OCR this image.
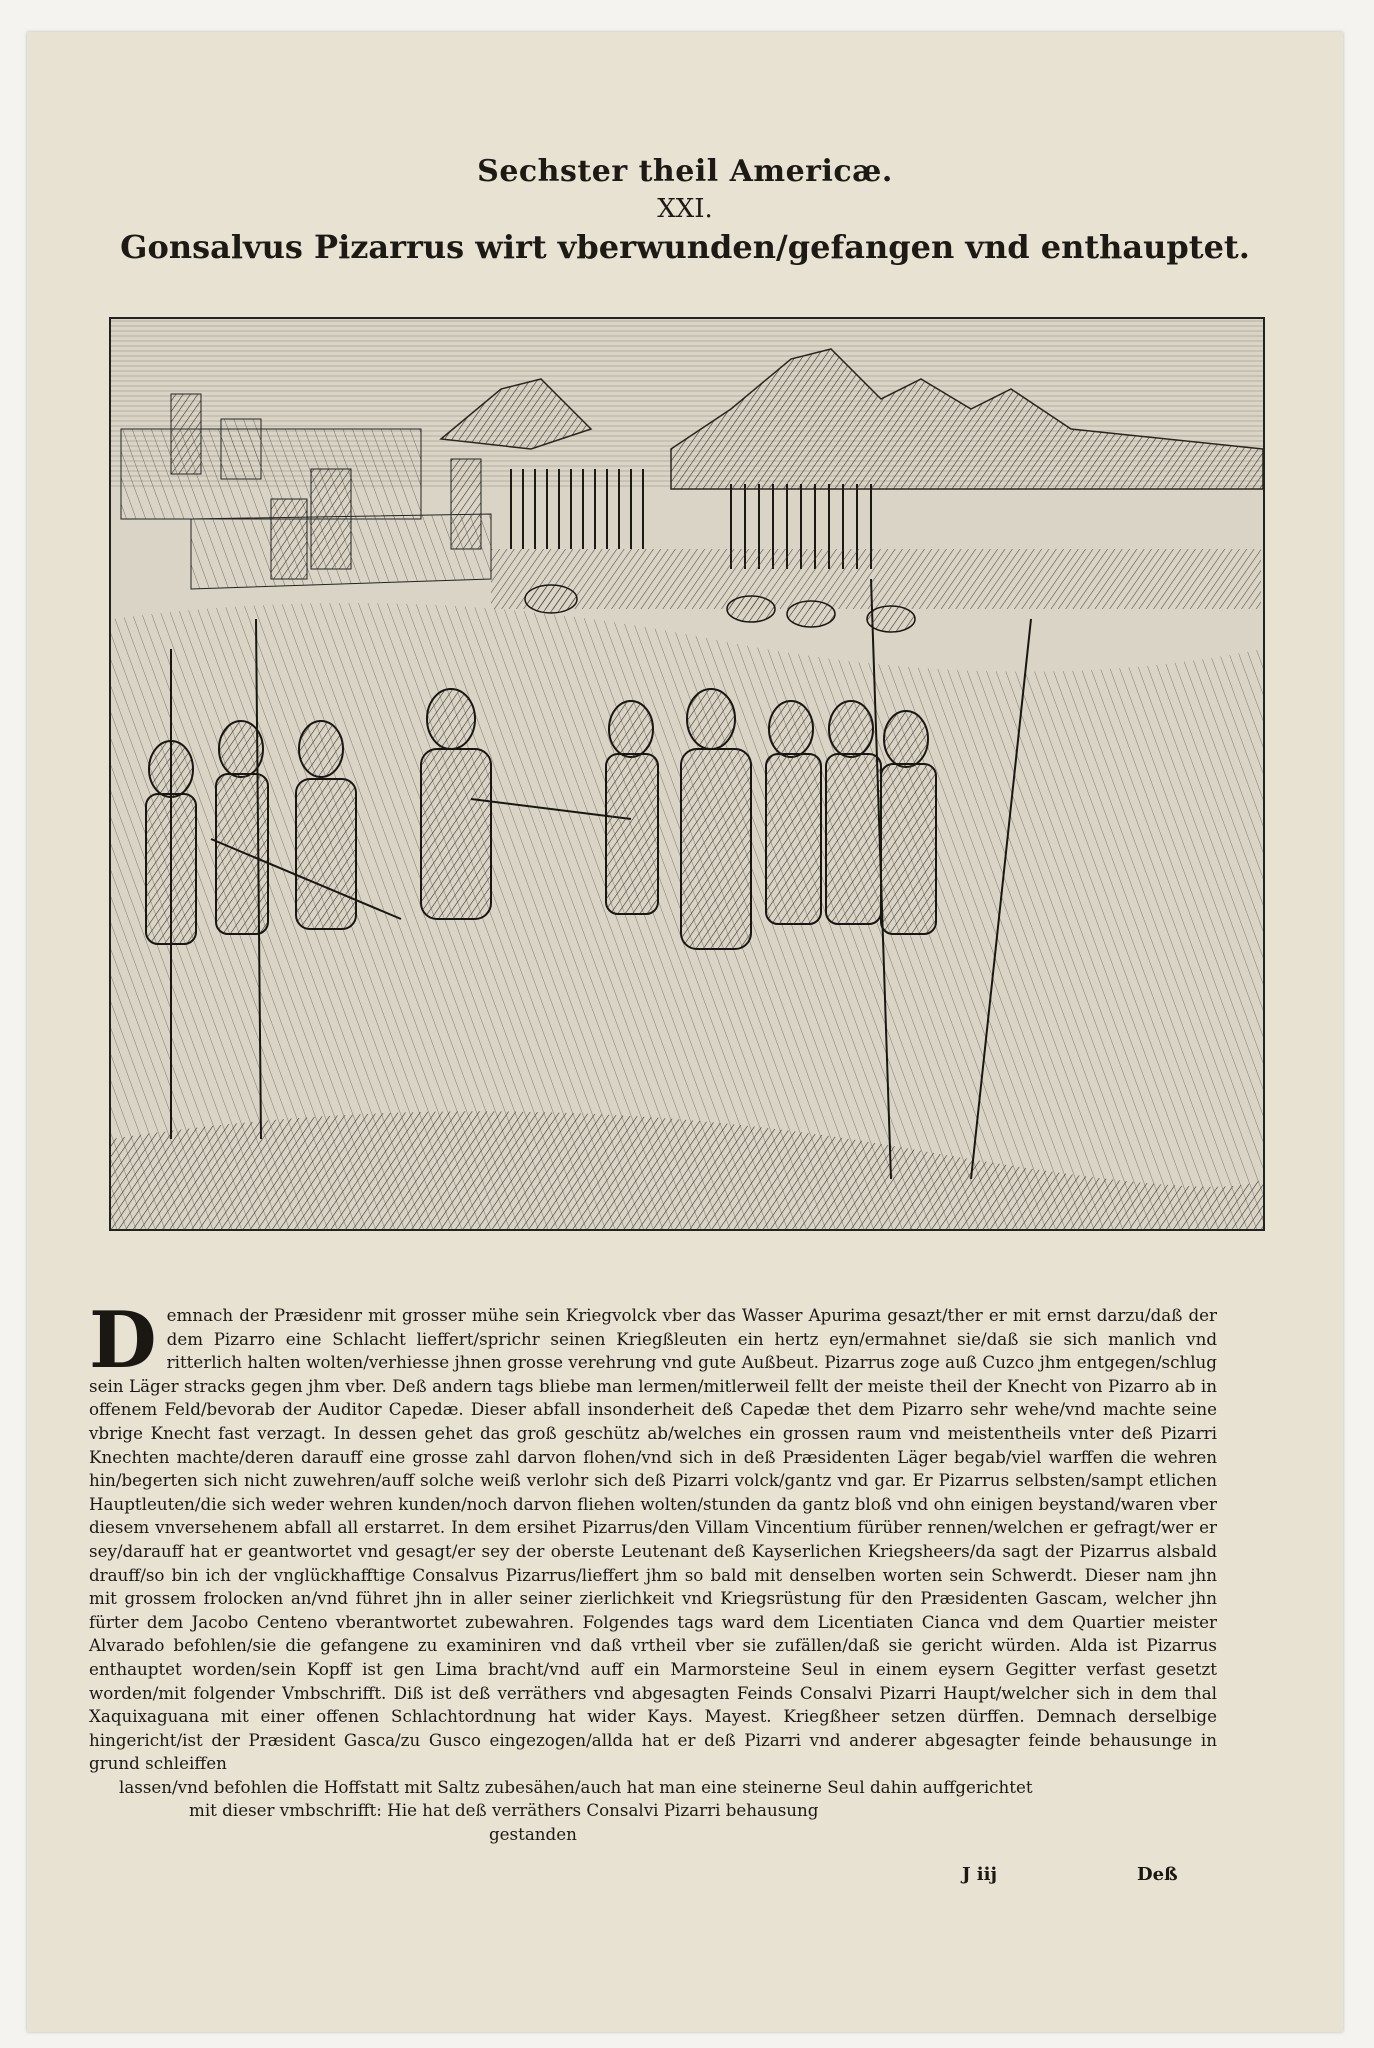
Sechster theil Americæ.
XXI.
Gonsalvus Pizarrus wirt vberwunden/gefangen vnd enthauptet.
Demnach der Præsidenr mit grosser mühe sein Kriegvolck vber das Wasser Apurima gesazt/ther er mit ernst darzu/daß der dem Pizarro eine Schlacht lieffert/sprichr seinen Kriegßleuten ein hertz eyn/ermahnet sie/daß sie sich manlich vnd ritterlich halten wolten/verhiesse jhnen grosse verehrung vnd gute Außbeut. Pizarrus zoge auß Cuzco jhm entgegen/schlug sein Läger stracks gegen jhm vber. Deß andern tags bliebe man lermen/mitlerweil fellt der meiste theil der Knecht von Pizarro ab in offenem Feld/bevorab der Auditor Capedæ. Dieser abfall insonderheit deß Capedæ thet dem Pizarro sehr wehe/vnd machte seine vbrige Knecht fast verzagt. In dessen gehet das groß geschütz ab/welches ein grossen raum vnd meistentheils vnter deß Pizarri Knechten machte/deren darauff eine grosse zahl darvon flohen/vnd sich in deß Præsidenten Läger begab/viel warffen die wehren hin/begerten sich nicht zuwehren/auff solche weiß verlohr sich deß Pizarri volck/gantz vnd gar. Er Pizarrus selbsten/sampt etlichen Hauptleuten/die sich weder wehren kunden/noch darvon fliehen wolten/stunden da gantz bloß vnd ohn einigen beystand/waren vber diesem vnversehenem abfall all erstarret. In dem ersihet Pizarrus/den Villam Vincentium fürüber rennen/welchen er gefragt/wer er sey/darauff hat er geantwortet vnd gesagt/er sey der oberste Leutenant deß Kayserlichen Kriegsheers/da sagt der Pizarrus alsbald drauff/so bin ich der vnglückhafftige Consalvus Pizarrus/lieffert jhm so bald mit denselben worten sein Schwerdt. Dieser nam jhn mit grossem frolocken an/vnd führet jhn in aller seiner zierlichkeit vnd Kriegsrüstung für den Præsidenten Gascam, welcher jhn fürter dem Jacobo Centeno vberantwortet zubewahren. Folgendes tags ward dem Licentiaten Cianca vnd dem Quartier meister Alvarado befohlen/sie die gefangene zu examiniren vnd daß vrtheil vber sie zufällen/daß sie gericht würden. Alda ist Pizarrus enthauptet worden/sein Kopff ist gen Lima bracht/vnd auff ein Marmorsteine Seul in einem eysern Gegitter verfast gesetzt worden/mit folgender Vmbschrifft. Diß ist deß verräthers vnd abgesagten Feinds Consalvi Pizarri Haupt/welcher sich in dem thal Xaquixaguana mit einer offenen Schlachtordnung hat wider Kays. Mayest. Kriegßheer setzen dürffen. Demnach derselbige hingericht/ist der Præsident Gasca/zu Gusco eingezogen/allda hat er deß Pizarri vnd anderer abgesagter feinde behausunge in grund schleiffen
lassen/vnd befohlen die Hoffstatt mit Saltz zubesähen/auch hat man eine steinerne Seul dahin auffgerichtet
mit dieser vmbschrifft: Hie hat deß verräthers Consalvi Pizarri behausung
gestanden
J iij	Deß
